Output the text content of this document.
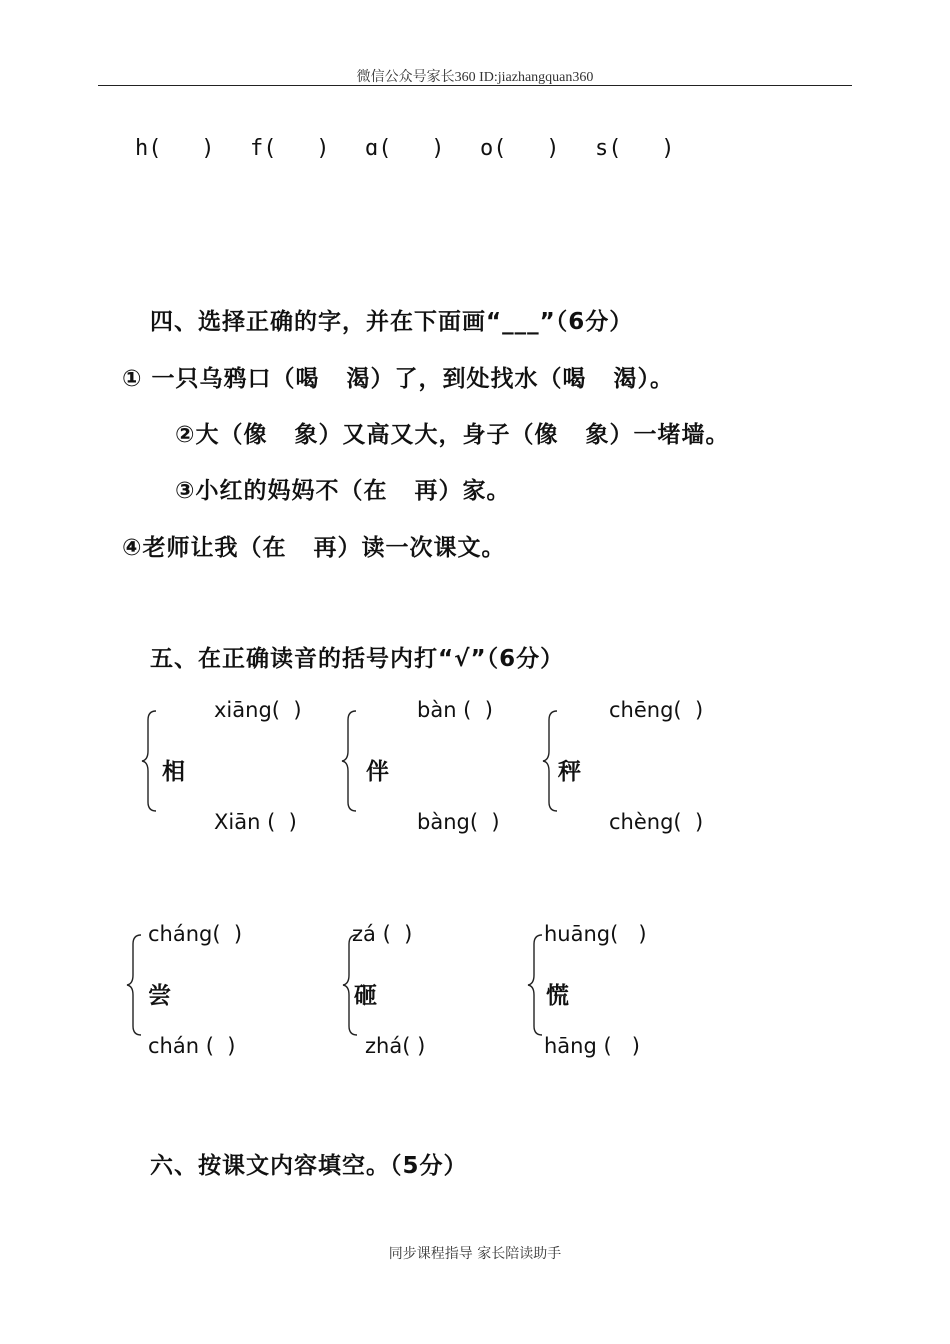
微信公众号家长360 ID:jiazhangquan360
h(   ) f(   ) ɑ(   ) o(   ) s(   )
四、选择正确的字，并在下面画“___”（6分）
① 一只乌鸦口（喝   渴）了，到处找水（喝   渴）。
②大（像   象）又高又大，身子（像   象）一堵墙。
③小红的妈妈不（在   再）家。
④老师让我（在   再）读一次课文。
五、在正确读音的括号内打“√”（6分）
xiāng(  )
相
Xiān (  )
bàn (  )
伴
bàng(  )
chēng(  )
秤
chèng(  )
cháng(  )
尝
chán (  )
zá (  )
砸
zhá( )
huāng(   )
慌
hāng (   )
六、按课文内容填空。（5分）
同步课程指导 家长陪读助手
